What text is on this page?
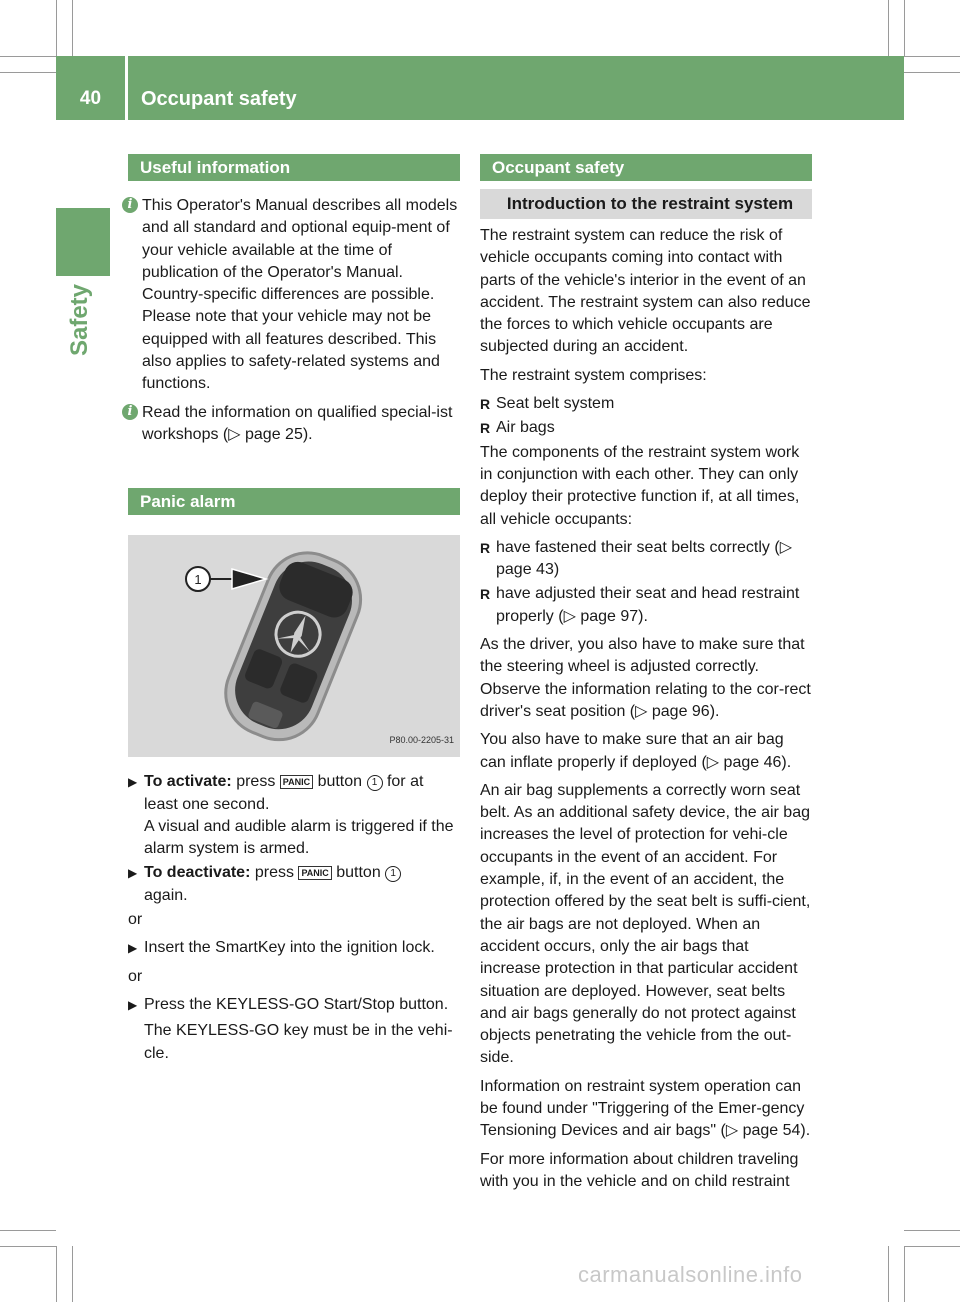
40	Occupant safety
Safety
Useful information

i This Operator's Manual describes all models and all standard and optional equip-ment of your vehicle available at the time of publication of the Operator's Manual. Country-specific differences are possible. Please note that your vehicle may not be equipped with all features described. This also applies to safety-related systems and functions.

i Read the information on qualified special-ist workshops (▷ page 25).

Panic alarm
1
P80.00-2205-31
▶ To activate: press PANIC button 1 for at least one second.
A visual and audible alarm is triggered if the alarm system is armed.
▶ To deactivate: press PANIC button 1
again.

or

▶ Insert the SmartKey into the ignition lock.

or

▶ Press the KEYLESS-GO Start/Stop button.
The KEYLESS-GO key must be in the vehi-cle.
Occupant safety
Introduction to the restraint system

The restraint system can reduce the risk of vehicle occupants coming into contact with parts of the vehicle's interior in the event of an accident. The restraint system can also reduce the forces to which vehicle occupants are subjected during an accident.

The restraint system comprises:

R Seat belt system
R Air bags

The components of the restraint system work in conjunction with each other. They can only deploy their protective function if, at all times, all vehicle occupants:

R have fastened their seat belts correctly (▷ page 43)
R have adjusted their seat and head restraint properly (▷ page 97).

As the driver, you also have to make sure that the steering wheel is adjusted correctly. Observe the information relating to the cor-rect driver's seat position (▷ page 96).

You also have to make sure that an air bag can inflate properly if deployed (▷ page 46).

An air bag supplements a correctly worn seat belt. As an additional safety device, the air bag increases the level of protection for vehi-cle occupants in the event of an accident. For example, if, in the event of an accident, the protection offered by the seat belt is suffi-cient, the air bags are not deployed. When an accident occurs, only the air bags that increase protection in that particular accident situation are deployed. However, seat belts and air bags generally do not protect against objects penetrating the vehicle from the out-side.

Information on restraint system operation can be found under "Triggering of the Emer-gency Tensioning Devices and air bags" (▷ page 54).

For more information about children traveling with you in the vehicle and on child restraint

carmanualsonline.info
